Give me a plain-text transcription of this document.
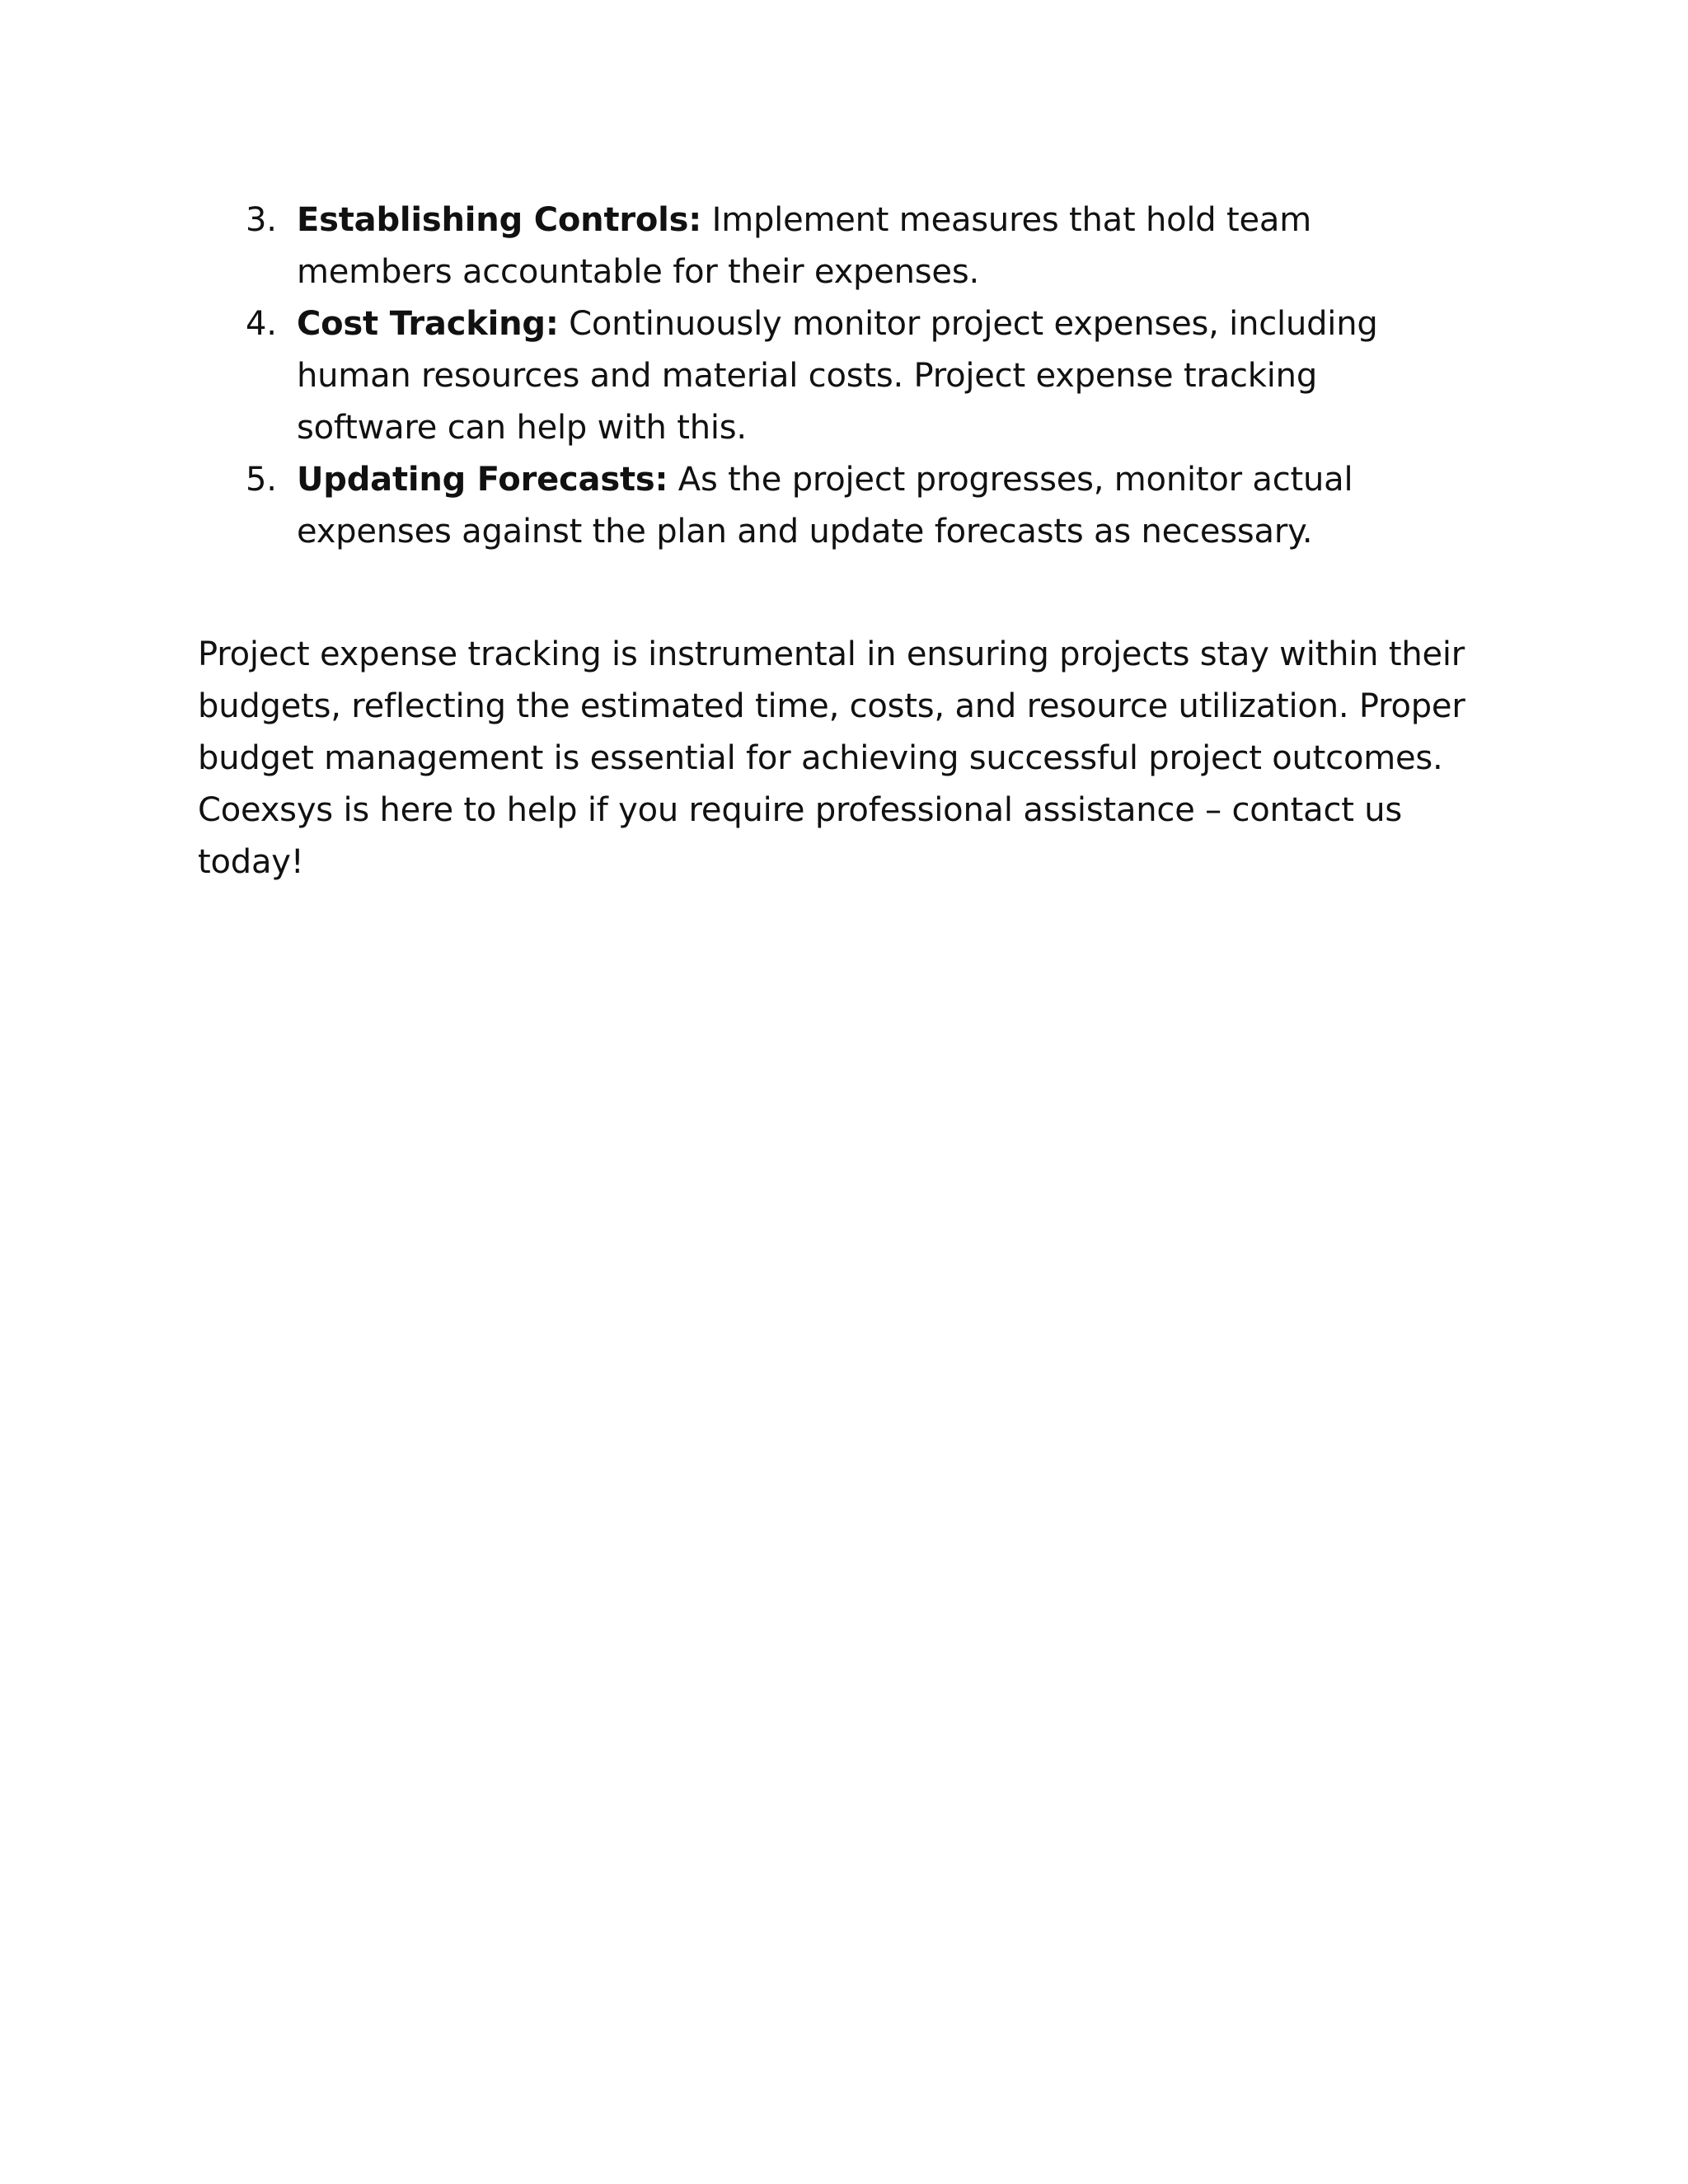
3. Establishing Controls: Implement measures that hold team members accountable for their expenses.
4. Cost Tracking: Continuously monitor project expenses, including human resources and material costs. Project expense tracking software can help with this.
5. Updating Forecasts: As the project progresses, monitor actual expenses against the plan and update forecasts as necessary.

Project expense tracking is instrumental in ensuring projects stay within their budgets, reflecting the estimated time, costs, and resource utilization. Proper budget management is essential for achieving successful project outcomes. Coexsys is here to help if you require professional assistance – contact us today!
